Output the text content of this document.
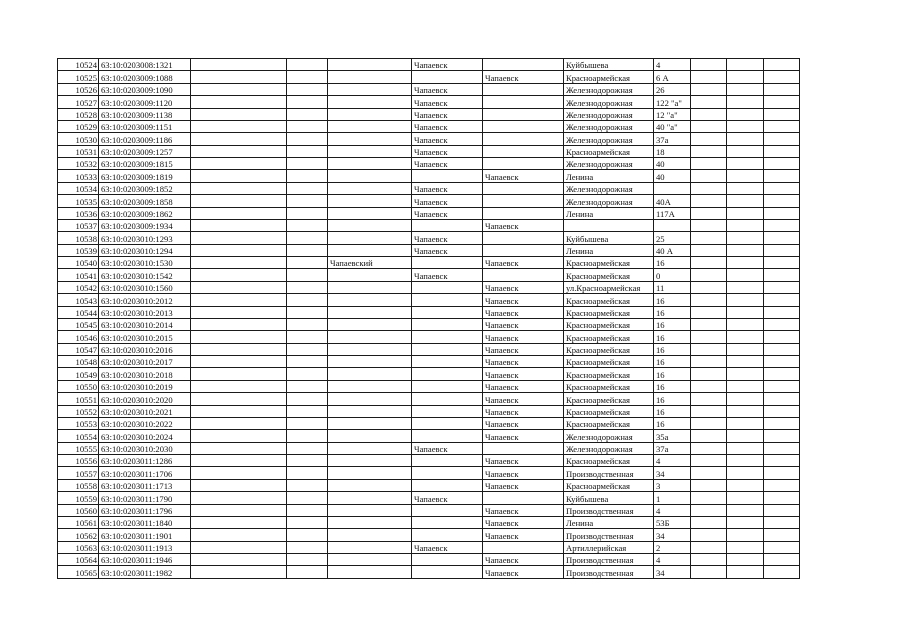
10524	63:10:0203008:1321				Чапаевск		Куйбышева	4			
10525	63:10:0203009:1088					Чапаевск	Красноармейская	6 А			
10526	63:10:0203009:1090				Чапаевск		Железнодорожная	26			
10527	63:10:0203009:1120				Чапаевск		Железнодорожная	122 "а"			
10528	63:10:0203009:1138				Чапаевск		Железнодорожная	12 "а"			
10529	63:10:0203009:1151				Чапаевск		Железнодорожная	40 "а"			
10530	63:10:0203009:1186				Чапаевск		Железнодорожная	37а			
10531	63:10:0203009:1257				Чапаевск		Красноармейская	18			
10532	63:10:0203009:1815				Чапаевск		Железнодорожная	40			
10533	63:10:0203009:1819					Чапаевск	Ленина	40			
10534	63:10:0203009:1852				Чапаевск		Железнодорожная				
10535	63:10:0203009:1858				Чапаевск		Железнодорожная	40А			
10536	63:10:0203009:1862				Чапаевск		Ленина	117А			
10537	63:10:0203009:1934					Чапаевск					
10538	63:10:0203010:1293				Чапаевск		Куйбышева	25			
10539	63:10:0203010:1294				Чапаевск		Ленина	40 А			
10540	63:10:0203010:1530			Чапаевский		Чапаевск	Красноармейская	16			
10541	63:10:0203010:1542				Чапаевск		Красноармейская	0			
10542	63:10:0203010:1560					Чапаевск	ул.Красноармейская	11			
10543	63:10:0203010:2012					Чапаевск	Красноармейская	16			
10544	63:10:0203010:2013					Чапаевск	Красноармейская	16			
10545	63:10:0203010:2014					Чапаевск	Красноармейская	16			
10546	63:10:0203010:2015					Чапаевск	Красноармейская	16			
10547	63:10:0203010:2016					Чапаевск	Красноармейская	16			
10548	63:10:0203010:2017					Чапаевск	Красноармейская	16			
10549	63:10:0203010:2018					Чапаевск	Красноармейская	16			
10550	63:10:0203010:2019					Чапаевск	Красноармейская	16			
10551	63:10:0203010:2020					Чапаевск	Красноармейская	16			
10552	63:10:0203010:2021					Чапаевск	Красноармейская	16			
10553	63:10:0203010:2022					Чапаевск	Красноармейская	16			
10554	63:10:0203010:2024					Чапаевск	Железнодорожная	35а			
10555	63:10:0203010:2030				Чапаевск		Железнодорожная	37а			
10556	63:10:0203011:1286					Чапаевск	Красноармейская	4			
10557	63:10:0203011:1706					Чапаевск	Производственная	34			
10558	63:10:0203011:1713					Чапаевск	Красноармейская	3			
10559	63:10:0203011:1790				Чапаевск		Куйбышева	1			
10560	63:10:0203011:1796					Чапаевск	Производственная	4			
10561	63:10:0203011:1840					Чапаевск	Ленина	53Б			
10562	63:10:0203011:1901					Чапаевск	Производственная	34			
10563	63:10:0203011:1913				Чапаевск		Артиллерийская	2			
10564	63:10:0203011:1946					Чапаевск	Производственная	4			
10565	63:10:0203011:1982					Чапаевск	Производственная	34			
